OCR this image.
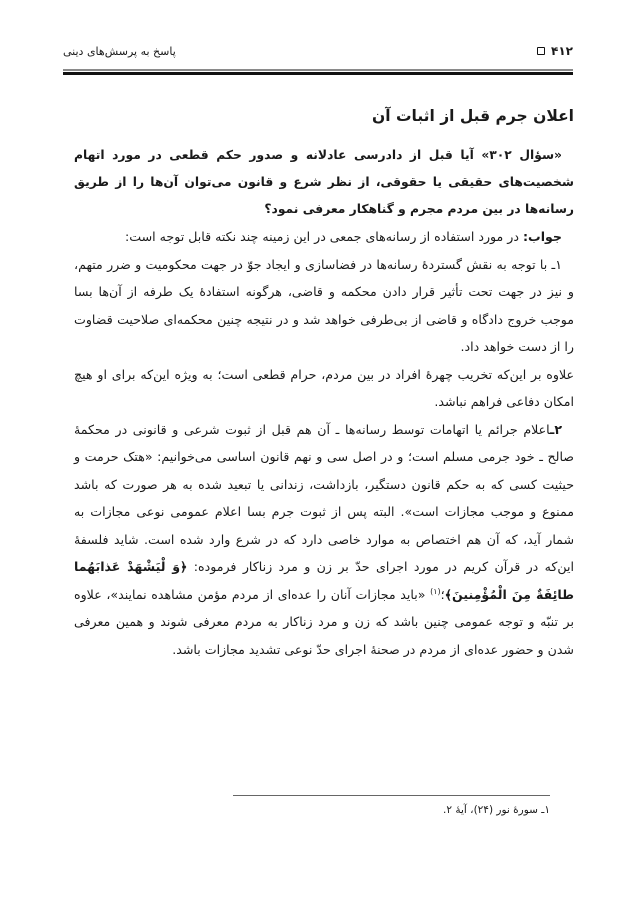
۴۱۲
پاسخ به پرسش‌های دینی
اعلان جرم قبل از اثبات آن

«سؤال ۳۰۲» آیا قبل از دادرسی عادلانه و صدور حکم قطعی در مورد اتهام شخصیت‌های حقیقی یا حقوقی، از نظر شرع و قانون می‌توان آن‌ها را از طریق رسانه‌ها در بین مردم مجرم و گناهکار معرفی نمود؟

جواب: در مورد استفاده از رسانه‌های جمعی در این زمینه چند نکته قابل توجه است:

۱ـ با توجه به نقش گستردهٔ رسانه‌ها در فضاسازی و ایجاد جوّ در جهت محکومیت و ضرر متهم، و نیز در جهت تحت تأثیر قرار دادن محکمه و قاضی، هرگونه استفادهٔ یک طرفه از آن‌ها بسا موجب خروج دادگاه و قاضی از بی‌طرفی خواهد شد و در نتیجه چنین محکمه‌ای صلاحیت قضاوت را از دست خواهد داد.

علاوه بر این‌که تخریب چهرهٔ افراد در بین مردم، حرام قطعی است؛ به ویژه این‌که برای او هیچ امکان دفاعی فراهم نباشد.

۲ـاعلام جرائم یا اتهامات توسط رسانه‌ها ـ آن هم قبل از ثبوت شرعی و قانونی در محکمهٔ صالح ـ خود جرمی مسلم است؛ و در اصل سی و نهم قانون اساسی می‌خوانیم: «هتک حرمت و حیثیت کسی که به حکم قانون دستگیر، بازداشت، زندانی یا تبعید شده به هر صورت که باشد ممنوع و موجب مجازات است». البته پس از ثبوت جرم بسا اعلام عمومی نوعی مجازات به شمار آید، که آن هم اختصاص به موارد خاصی دارد که در شرع وارد شده است. شاید فلسفهٔ این‌که در قرآن کریم در مورد اجرای حدّ بر زن و مرد زناکار فرموده: ﴿وَ لْيَشْهَدْ عَذابَهُما طائِفَةٌ مِنَ الْمُؤْمِنينَ﴾؛$^{(۱)}$ «باید مجازات آنان را عده‌ای از مردم مؤمن مشاهده نمایند»، علاوه بر تنبّه و توجه عمومی چنین باشد که زن و مرد زناکار به مردم معرفی شوند و همین معرفی شدن و حضور عده‌ای از مردم در صحنهٔ اجرای حدّ نوعی تشدید مجازات باشد.

۱ـ سورهٔ نور (۲۴)، آیهٔ ۲.
